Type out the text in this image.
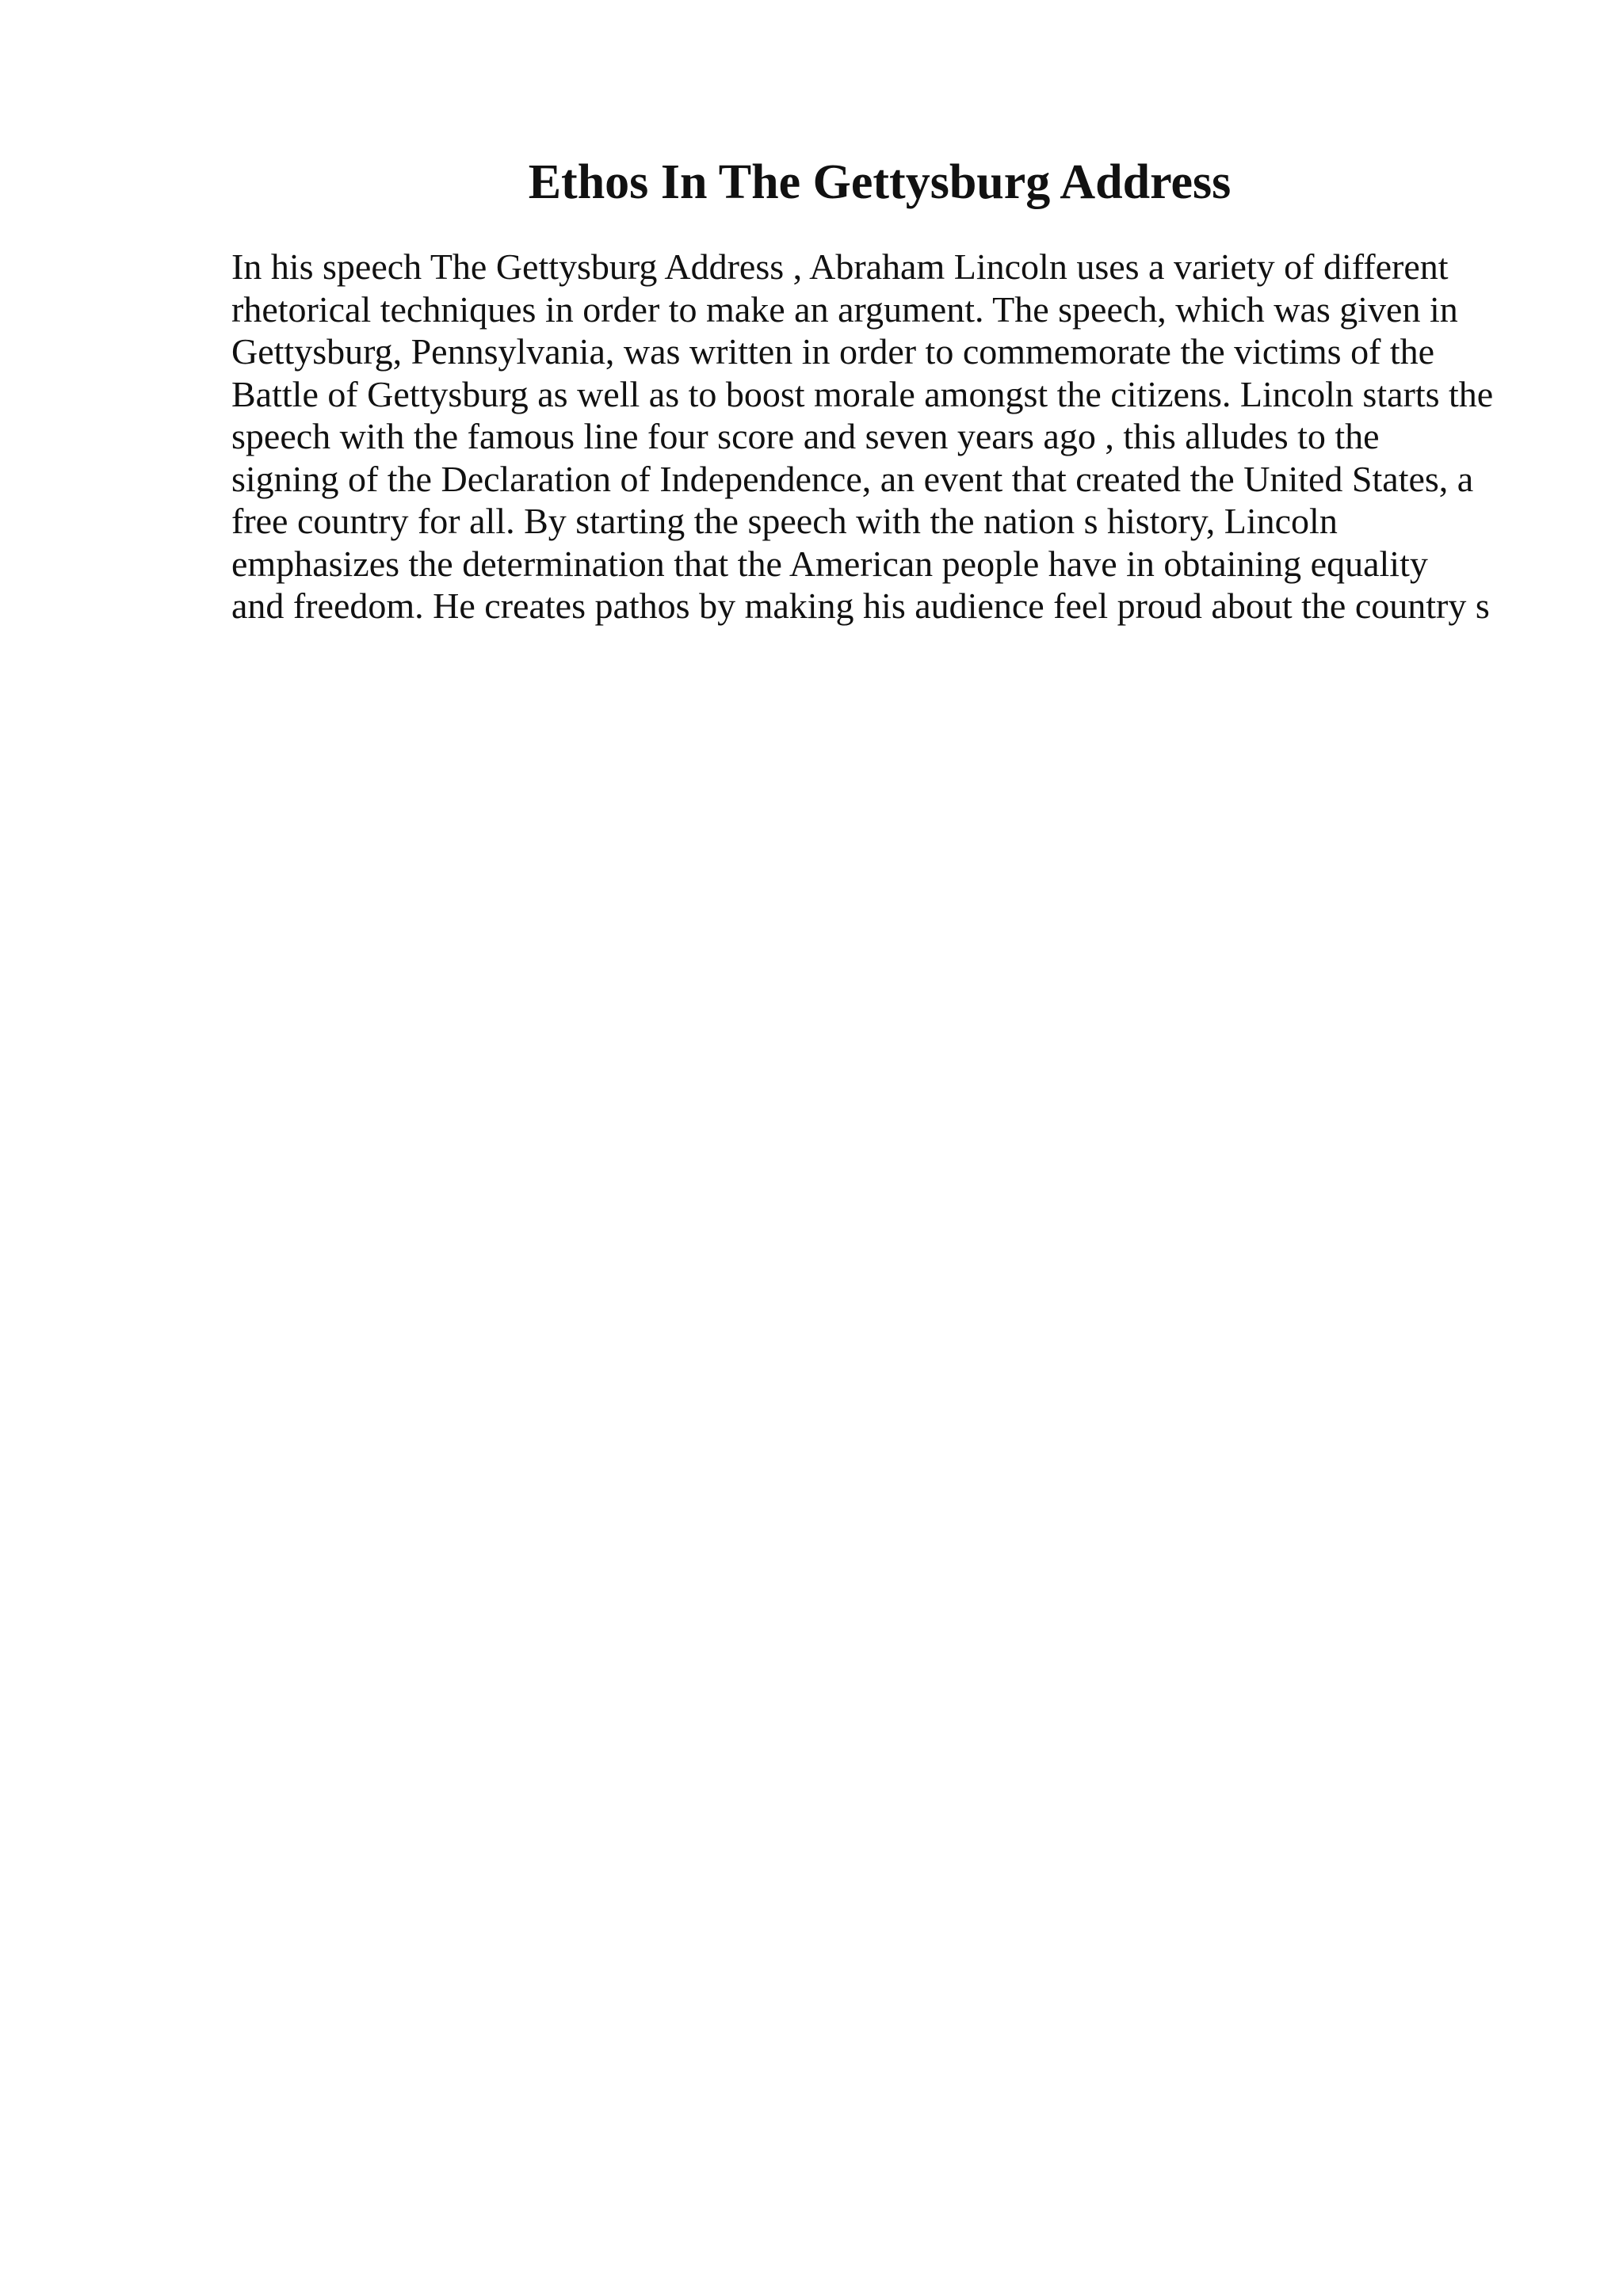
Ethos In The Gettysburg Address

In his speech The Gettysburg Address , Abraham Lincoln uses a variety of different
rhetorical techniques in order to make an argument. The speech, which was given in
Gettysburg, Pennsylvania, was written in order to commemorate the victims of the
Battle of Gettysburg as well as to boost morale amongst the citizens. Lincoln starts the
speech with the famous line four score and seven years ago , this alludes to the
signing of the Declaration of Independence, an event that created the United States, a
free country for all. By starting the speech with the nation s history, Lincoln
emphasizes the determination that the American people have in obtaining equality
and freedom. He creates pathos by making his audience feel proud about the country s
